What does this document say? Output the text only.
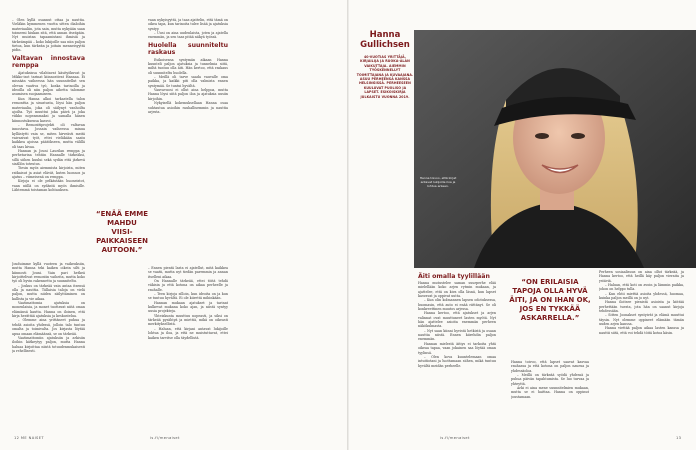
– Olen kyllä osannut ottaa ja nauttia. Vieläkin kymmenen vuotta sitten dialoihin materiaaliin, jota sain, mutta nykyään saan toimeeni hiukan sitä, että annan itseäpäin. Nyt muistan tapaamistani ihmisiä ja tärkeämpää – koko lukijoille saa niin paljon tietoa, kun tärkeän ja joitain menneisyyttä pidin.

Valtavan innostava remppa

Ajatuksissa vilahtavat käsityökuvat ja Mikko-isot tarinat kiinnostivat Hannaa. Ei missään vaiheessa hän suunnitellut sen olevan vaativa työ, koska tarinoilla ja ideoilla oli niin paljon aihetta talomme asumisen suojaamiseen.

Kun Hanna alkoi tarkastella talon remonttia ja sisustusta, löysi hän paljon materiaalia, joka oli säilynyt vanhoilta ajoilta. Työ muuttui joka päivä ja joka viikko nopeammaksi ja samalla hänen kiinnostuksensa kasvoi.

– Remonttiprojekti oli valtavan innostava. Jossain vaiheessa minua kyllästytti vain se, miten hirveästi meitä vaivasivat työt, ettei vieläkään saatu kaikkea ajoissa päätökseen, mutta välillä oli taas kivaa.

Hannan ja Jouni Laurilan remppa ja perhetarina tehtiin Hannalle tärkeäksi, sillä siihen kuului sekä sydän että järkevä sisällön toteutus.

Tiesin myös aiemmista kirjoista, miten ratkaisut ja asiat elävät, kuten luonnos ja ajatus – viimeisenä on remppa.

Kirjoja ei ole pelkästään huoneistot, vaan niillä on sydäntä myös ihmisille. Lähtemmä toistaman kohtauksen.

Jouduimme kyllä vuoteen ja vaikeuksiin, mutta Hanna teki kaiken oikein silti ja kiinnosti Jouni. Vain pari hetkeä kirjoittelivat remontin vaiheita, mutta koko työ oli hyvin rakennettu ja suunniteltu.

– Joskus on tärkeää vain antaa itsensä olla ja nauttia. Tällaisia taloja on vielä paljon, mutta niiden säilyttäminen on kallista ja vie aikaa.

Vaatimattomia ajatuksia on monenlaisia, ja monet tuottavat niitä oman elämänsä kautta. Hanna on iloinen, että kirja herättää ajatuksia ja keskustelua.

– Olemme aina yrittäneet puhua ja tehdä asioita yhdessä, jolloin talo tuntuu omalta ja toimivalta. Jos kirjasta löytää apua omaan elämäänsä, se on tärkeää.

Vaatimattomiin ajatuksiin ja arkisiin iloihin kätkeytyy paljon, mutta Hanna haluaa kirjoittaa niistä totuudenmukaisesti ja rehellisesti.

vaan nykyisyyttä, ja taas ajattelin, että tämä on oikea tapa, kun tarinoita tulee lisää ja ajatuksia syntyy.

– Uusi on aina uudenlaista, joten ja ajatella enemmän, ja sen taas pitää näkyä työssä.

Huolella suunniteltu raskaus

Esikoisensa syntymän aikaan Hanna kuunteli paljon ajatuksia ja tunnelmia siitä, miltä tuntuu olla äiti. Hän kertoo, että raskaus oli suunniteltu huolella.

– Meillä oli tarve saada vauvalle oma paikka, ja kaikki piti olla valmista ennen syntymää. Se tuntui hyvältä.

Vauvavuosi ei ollut aina helppoa, mutta Hanna löysi siitä paljon iloa ja ajatuksia uusiin kirjoihin.

Nykyisellä kokemuksellaan Hanna osaa suhtautua asioihin rauhallisemmin ja nauttia arjesta.

– Ennen pientä lasta ei ajatellut, mitä kaikkea se vaatii, mutta nyt tiedän paremmin ja annan itselleni aikaa.

On Hannalle tärkeää, ettei töitä tehdä väkisin ja että kotona on aikaa perheelle ja rauhalle.

– Teen kirjoja silloin, kun ideoita on ja kun se tuntuu hyvältä. Ei ole kiirettä mihinkään.

Hannan mukaan ajatukset ja tarinat kulkevat mukana koko ajan, ja niistä syntyy uusia projekteja.

Yhteiskunta muuttuu nopeasti, ja siksi on tärkeää pysähtyä ja miettiä, mikä on oikeasti merkityksellistä.

– Haluan, että kirjani antavat lukijoille lohtua ja iloa, ja että ne muistuttavat, ettei kaiken tarvitse olla täydellistä.

“ENÄÄ EMME MAHDU VIISI-PAIKKAISEEN AUTOON.”
12 ME NAISET	is.fi/menaiset
Hanna Gullichsen
40-VUOTIAS YRITTÄJÄ, KIRJAILIJA JA RUOKA-ALAN VAIKUTTAJA. AIEMMIN TYÖSKENNELLYT TOIMITTAJANA JA KUVAAJANA. ASUU PERHEENSÄ KANSSA HELSINGISSÄ. PERHEESEEN KUULUVAT PUOLISO JA LAPSET. ESIKOISKIRJA JULKAISTU VUONNA 2019.
Hanna toivoo, että kirjat antavat lukijoille iloa ja lohtua arkeen.
Äiti omalla tyylillään

Hanna mutustelee saman suurperhe elää mielellään koko arjen rytmin mukaan, ja ajattelee, että on kiva olla läsnä, kun lapset kasvavat ja oppivat uutta.

– Kun olin kolmannen lapsen odotuksessa, huomasin, että auto ei enää riittänyt. Se oli konkreettinen muutos arjessa.

Hanna kertoo, että ajatukset ja arjen valinnat ovat muuttuneet lasten myötä. Nyt hän ajattelee asioita enemmän perheen näkökulmasta.

– Nyt saan kiinni hyvistä hetkistä ja osaan nauttia niistä. Ennen kiirehdin paljon enemmän.

Hannan mielestä äitiys ei tarkoita yhtä oikeaa tapaa, vaan jokainen saa löytää oman tyylinsä.

– Olen kova kuuntelemaan omaa intuitiotani ja luottamaan siihen, mikä tuntuu hyvältä meidän perheelle.

Hanna toivoo, että lapset saavat kasvaa rauhassa ja että kotona on paljon naurua ja yhdessäoloa.

– Meillä on tärkeää syödä yhdessä ja puhua päivän tapahtumista. Se luo turvaa ja yhteyttä.

Arki ei aina mene suunnitelmien mukaan, mutta se ei haittaa. Hanna on oppinut joustamaan.

Perheen sosiaalisuus on aina ollut tärkeää, ja Hanna kertoo, että heillä käy paljon vieraita ja ystäviä.

– Haluan, että koti on avoin ja lämmin paikka, johon on helppo tulla.

– Kun ehtii miettiä asioita yhdessä, huomaa, kuinka paljon meillä on jo nyt.

Hanna iloitsee pienistä asioista ja kiittää perhettään tuesta, jota hän on saanut kirjoja tehdessään.

– Sitten Joonakset syntyivät ja elämä muuttui täysin. Nyt olemme oppineet elämään tämän uuden arjen kanssa.

Hanna viettää paljon aikaa lasten kanssa ja nauttii siitä, että voi tehdä töitä kotoa käsin.

“ON ERILAISIA TAPOJA OLLA HYVÄ ÄITI, JA ON IHAN OK, JOS EN TYKKÄÄ ASKARRELLA.”
is.fi/menaiset	13
